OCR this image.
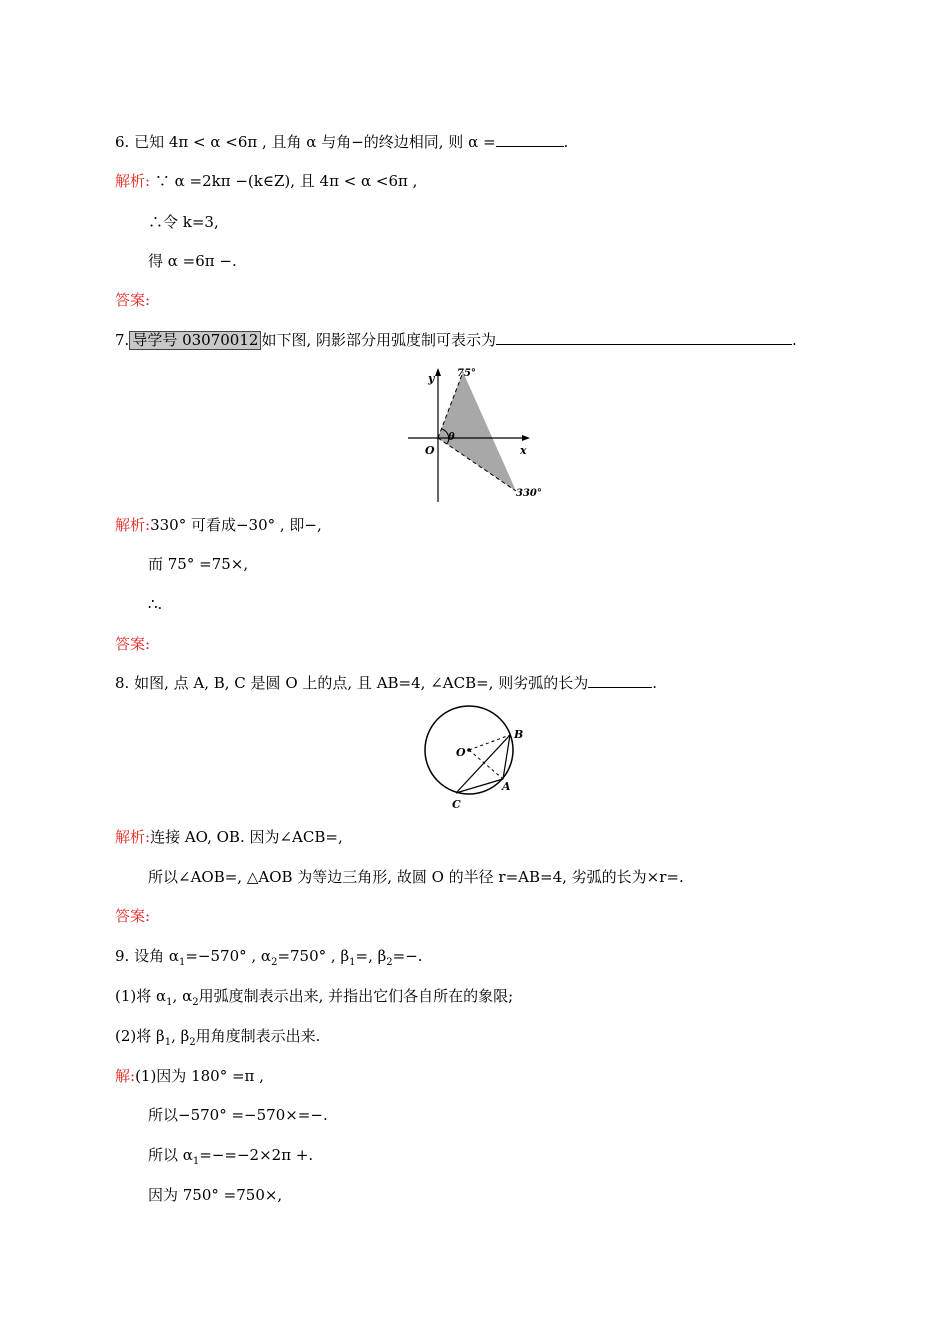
6. 已知 4π < α <6π , 且角 α 与角−的终边相同, 则 α =	.
解析: ∵ α =2kπ −(k∈Z), 且 4π < α <6π ,
∴令 k=3,
得 α =6π −.
答案:
7. 导学号 03070012 如下图, 阴影部分用弧度制可表示为	.
y
x
O
θ
75°
330°
解析:330° 可看成−30° , 即−,
而 75° =75×,
∴.
答案:
8. 如图, 点 A, B, C 是圆 O 上的点, 且 AB=4, ∠ACB=, 则劣弧的长为	.
O
B
A
C
解析:连接 AO, OB. 因为∠ACB=,
所以∠AOB=, △AOB 为等边三角形, 故圆 O 的半径 r=AB=4, 劣弧的长为×r=.
答案:
9. 设角 $\alpha_1=-570^\circ$ , $\alpha_2=750^\circ$ , $\beta_1=$, $\beta_2=-$.
(1)将 $\alpha_1$, $\alpha_2$用弧度制表示出来, 并指出它们各自所在的象限;
(2)将 $\beta_1$, $\beta_2$用角度制表示出来.
解:(1)因为 180° =π ,
所以−570° =−570×=−.
所以 $\alpha_1=-=-2\times 2\pi$ +.
因为 750° =750×,
